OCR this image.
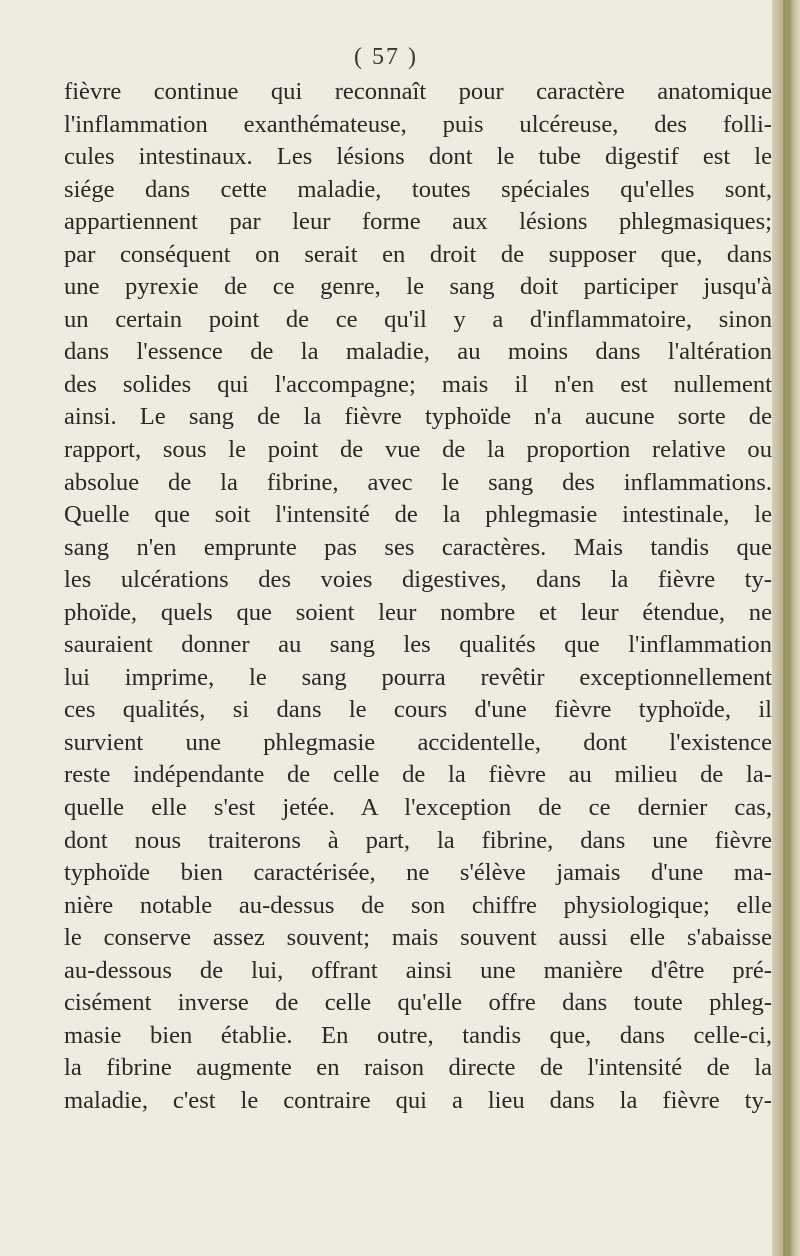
( 57 )
fièvre continue qui reconnaît pour caractère anatomique
l'inflammation exanthémateuse, puis ulcéreuse, des folli-
cules intestinaux. Les lésions dont le tube digestif est le
siége dans cette maladie, toutes spéciales qu'elles sont,
appartiennent par leur forme aux lésions phlegmasiques;
par conséquent on serait en droit de supposer que, dans
une pyrexie de ce genre, le sang doit participer jusqu'à
un certain point de ce qu'il y a d'inflammatoire, sinon
dans l'essence de la maladie, au moins dans l'altération
des solides qui l'accompagne; mais il n'en est nullement
ainsi. Le sang de la fièvre typhoïde n'a aucune sorte de
rapport, sous le point de vue de la proportion relative ou
absolue de la fibrine, avec le sang des inflammations.
Quelle que soit l'intensité de la phlegmasie intestinale, le
sang n'en emprunte pas ses caractères. Mais tandis que
les ulcérations des voies digestives, dans la fièvre ty-
phoïde, quels que soient leur nombre et leur étendue, ne
sauraient donner au sang les qualités que l'inflammation
lui imprime, le sang pourra revêtir exceptionnellement
ces qualités, si dans le cours d'une fièvre typhoïde, il
survient une phlegmasie accidentelle, dont l'existence
reste indépendante de celle de la fièvre au milieu de la-
quelle elle s'est jetée. A l'exception de ce dernier cas,
dont nous traiterons à part, la fibrine, dans une fièvre
typhoïde bien caractérisée, ne s'élève jamais d'une ma-
nière notable au-dessus de son chiffre physiologique; elle
le conserve assez souvent; mais souvent aussi elle s'abaisse
au-dessous de lui, offrant ainsi une manière d'être pré-
cisément inverse de celle qu'elle offre dans toute phleg-
masie bien établie. En outre, tandis que, dans celle-ci,
la fibrine augmente en raison directe de l'intensité de la
maladie, c'est le contraire qui a lieu dans la fièvre ty-
